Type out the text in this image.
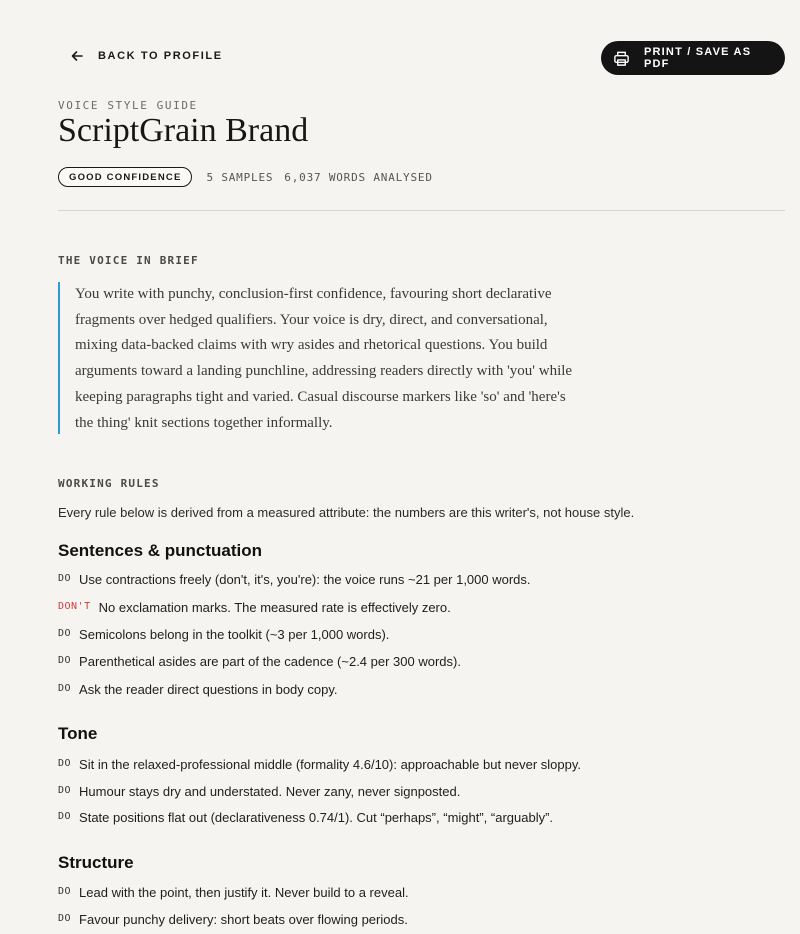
BACK TO PROFILE	PRINT / SAVE AS PDF
VOICE STYLE GUIDE
ScriptGrain Brand
GOOD CONFIDENCE	5 SAMPLES 6,037 WORDS ANALYSED
THE VOICE IN BRIEF
You write with punchy, conclusion-first confidence, favouring short declarative
fragments over hedged qualifiers. Your voice is dry, direct, and conversational,
mixing data-backed claims with wry asides and rhetorical questions. You build
arguments toward a landing punchline, addressing readers directly with 'you' while
keeping paragraphs tight and varied. Casual discourse markers like 'so' and 'here's
the thing' knit sections together informally.
WORKING RULES
Every rule below is derived from a measured attribute: the numbers are this writer's, not house style.
Sentences & punctuation
DO Use contractions freely (don't, it's, you're): the voice runs ~21 per 1,000 words.
DON'T No exclamation marks. The measured rate is effectively zero.
DO Semicolons belong in the toolkit (~3 per 1,000 words).
DO Parenthetical asides are part of the cadence (~2.4 per 300 words).
DO Ask the reader direct questions in body copy.
Tone
DO Sit in the relaxed-professional middle (formality 4.6/10): approachable but never sloppy.
DO Humour stays dry and understated. Never zany, never signposted.
DO State positions flat out (declarativeness 0.74/1). Cut “perhaps”, “might”, “arguably”.
Structure
DO Lead with the point, then justify it. Never build to a reveal.
DO Favour punchy delivery: short beats over flowing periods.
